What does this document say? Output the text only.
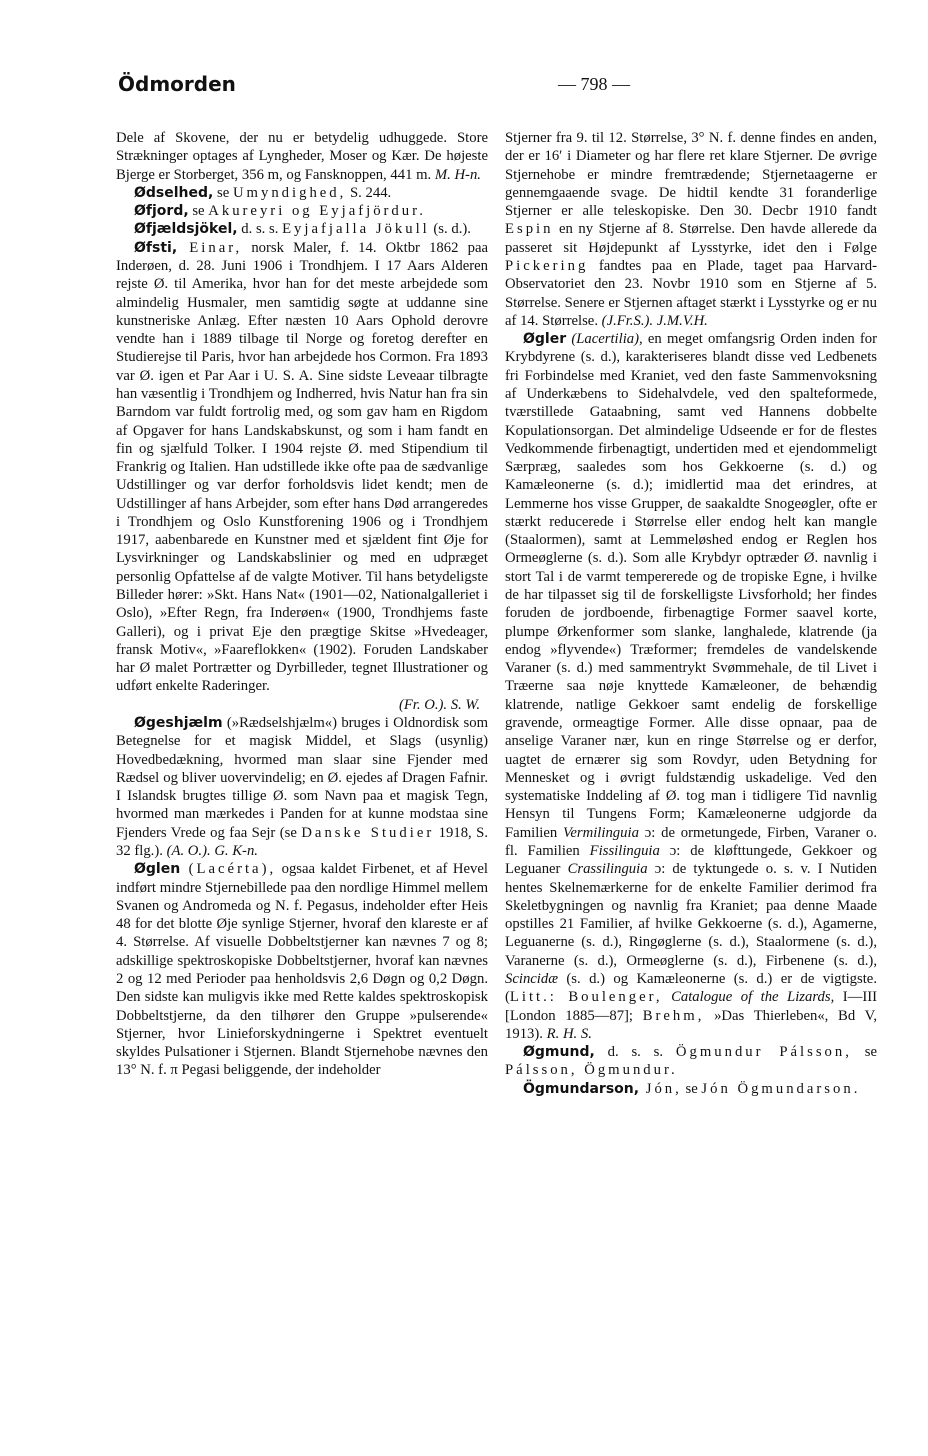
Ödmorden	— 798 —

Dele af Skovene, der nu er betydelig udhuggede. Store Strækninger optages af Lyngheder, Moser og Kær. De højeste Bjerge er Storberget, 356 m, og Fansknoppen, 441 m. M. H-n.

Ødselhed, se Umyndighed, S. 244.

Øfjord, se Akureyri og Eyjafjördur.

Øfjældsjökel, d. s. s. Eyjafjalla Jökull (s. d.).

Øfsti, Einar, norsk Maler, f. 14. Oktbr 1862 paa Inderøen, d. 28. Juni 1906 i Trondhjem. I 17 Aars Alderen rejste Ø. til Amerika, hvor han for det meste arbejdede som almindelig Husmaler, men samtidig søgte at uddanne sine kunstneriske Anlæg. Efter næsten 10 Aars Ophold derovre vendte han i 1889 tilbage til Norge og foretog derefter en Studierejse til Paris, hvor han arbejdede hos Cormon. Fra 1893 var Ø. igen et Par Aar i U. S. A. Sine sidste Leveaar tilbragte han væsentlig i Trondhjem og Indherred, hvis Natur han fra sin Barndom var fuldt fortrolig med, og som gav ham en Rigdom af Opgaver for hans Landskabskunst, og som i ham fandt en fin og sjælfuld Tolker. I 1904 rejste Ø. med Stipendium til Frankrig og Italien. Han udstillede ikke ofte paa de sædvanlige Udstillinger og var derfor forholdsvis lidet kendt; men de Udstillinger af hans Arbejder, som efter hans Død arrangeredes i Trondhjem og Oslo Kunstforening 1906 og i Trondhjem 1917, aabenbarede en Kunstner med et sjældent fint Øje for Lysvirkninger og Landskabslinier og med en udpræget personlig Opfattelse af de valgte Motiver. Til hans betydeligste Billeder hører: »Skt. Hans Nat« (1901—02, Nationalgalleriet i Oslo), »Efter Regn, fra Inderøen« (1900, Trondhjems faste Galleri), og i privat Eje den prægtige Skitse »Hvedeager, fransk Motiv«, »Faareflokken« (1902). Foruden Landskaber har Ø malet Portrætter og Dyrbilleder, tegnet Illustrationer og udført enkelte Raderinger.
(Fr. O.). S. W.

Øgeshjælm (»Rædselshjælm«) bruges i Oldnordisk som Betegnelse for et magisk Middel, et Slags (usynlig) Hovedbedækning, hvormed man slaar sine Fjender med Rædsel og bliver uovervindelig; en Ø. ejedes af Dragen Fafnir. I Islandsk brugtes tillige Ø. som Navn paa et magisk Tegn, hvormed man mærkedes i Panden for at kunne modstaa sine Fjenders Vrede og faa Sejr (se Danske Studier 1918, S. 32 flg.). (A. O.). G. K-n.

Øglen (Lacérta), ogsaa kaldet Firbenet, et af Hevel indført mindre Stjernebillede paa den nordlige Himmel mellem Svanen og Andromeda og N. f. Pegasus, indeholder efter Heis 48 for det blotte Øje synlige Stjerner, hvoraf den klareste er af 4. Størrelse. Af visuelle Dobbeltstjerner kan nævnes 7 og 8; adskillige spektroskopiske Dobbeltstjerner, hvoraf kan nævnes 2 og 12 med Perioder paa henholdsvis 2,6 Døgn og 0,2 Døgn. Den sidste kan muligvis ikke med Rette kaldes spektroskopisk Dobbeltstjerne, da den tilhører den Gruppe »pulserende« Stjerner, hvor Linieforskydningerne i Spektret eventuelt skyldes Pulsationer i Stjernen. Blandt Stjernehobe nævnes den 13° N. f. π Pegasi beliggende, der indeholder

Stjerner fra 9. til 12. Størrelse, 3° N. f. denne findes en anden, der er 16′ i Diameter og har flere ret klare Stjerner. De øvrige Stjernehobe er mindre fremtrædende; Stjernetaagerne er gennemgaaende svage. De hidtil kendte 31 foranderlige Stjerner er alle teleskopiske. Den 30. Decbr 1910 fandt Espin en ny Stjerne af 8. Størrelse. Den havde allerede da passeret sit Højdepunkt af Lysstyrke, idet den i Følge Pickering fandtes paa en Plade, taget paa Harvard-Observatoriet den 23. Novbr 1910 som en Stjerne af 5. Størrelse. Senere er Stjernen aftaget stærkt i Lysstyrke og er nu af 14. Størrelse. (J.Fr.S.). J.M.V.H.

Øgler (Lacertilia), en meget omfangsrig Orden inden for Krybdyrene (s. d.), karakteriseres blandt disse ved Ledbenets fri Forbindelse med Kraniet, ved den faste Sammenvoksning af Underkæbens to Sidehalvdele, ved den spalteformede, tværstillede Gataabning, samt ved Hannens dobbelte Kopulationsorgan. Det almindelige Udseende er for de flestes Vedkommende firbenagtigt, undertiden med et ejendommeligt Særpræg, saaledes som hos Gekkoerne (s. d.) og Kamæleonerne (s. d.); imidlertid maa det erindres, at Lemmerne hos visse Grupper, de saakaldte Snogeøgler, ofte er stærkt reducerede i Størrelse eller endog helt kan mangle (Staalormen), samt at Lemmeløshed endog er Reglen hos Ormeøglerne (s. d.). Som alle Krybdyr optræder Ø. navnlig i stort Tal i de varmt tempererede og de tropiske Egne, i hvilke de har tilpasset sig til de forskelligste Livsforhold; her findes foruden de jordboende, firbenagtige Former saavel korte, plumpe Ørkenformer som slanke, langhalede, klatrende (ja endog »flyvende«) Træformer; fremdeles de vandelskende Varaner (s. d.) med sammentrykt Svømmehale, de til Livet i Træerne saa nøje knyttede Kamæleoner, de behændig klatrende, natlige Gekkoer samt endelig de forskellige gravende, ormeagtige Former. Alle disse opnaar, paa de anselige Varaner nær, kun en ringe Størrelse og er derfor, uagtet de ernærer sig som Rovdyr, uden Betydning for Mennesket og i øvrigt fuldstændig uskadelige. Ved den systematiske Inddeling af Ø. tog man i tidligere Tid navnlig Hensyn til Tungens Form; Kamæleonerne udgjorde da Familien Vermilinguia ɔ: de ormetungede, Firben, Varaner o. fl. Familien Fissilinguia ɔ: de kløfttungede, Gekkoer og Leguaner Crassilinguia ɔ: de tyktungede o. s. v. I Nutiden hentes Skelnemærkerne for de enkelte Familier derimod fra Skeletbygningen og navnlig fra Kraniet; paa denne Maade opstilles 21 Familier, af hvilke Gekkoerne (s. d.), Agamerne, Leguanerne (s. d.), Ringøglerne (s. d.), Staalormene (s. d.), Varanerne (s. d.), Ormeøglerne (s. d.), Firbenene (s. d.), Scincidæ (s. d.) og Kamæleonerne (s. d.) er de vigtigste. (Litt.: Boulenger, Catalogue of the Lizards, I—III [London 1885—87]; Brehm, »Das Thierleben«, Bd V, 1913). R. H. S.

Øgmund, d. s. s. Ögmundur Pálsson, se Pálsson, Ögmundur.

Ögmundarson, Jón, se Jón Ögmundarson.
